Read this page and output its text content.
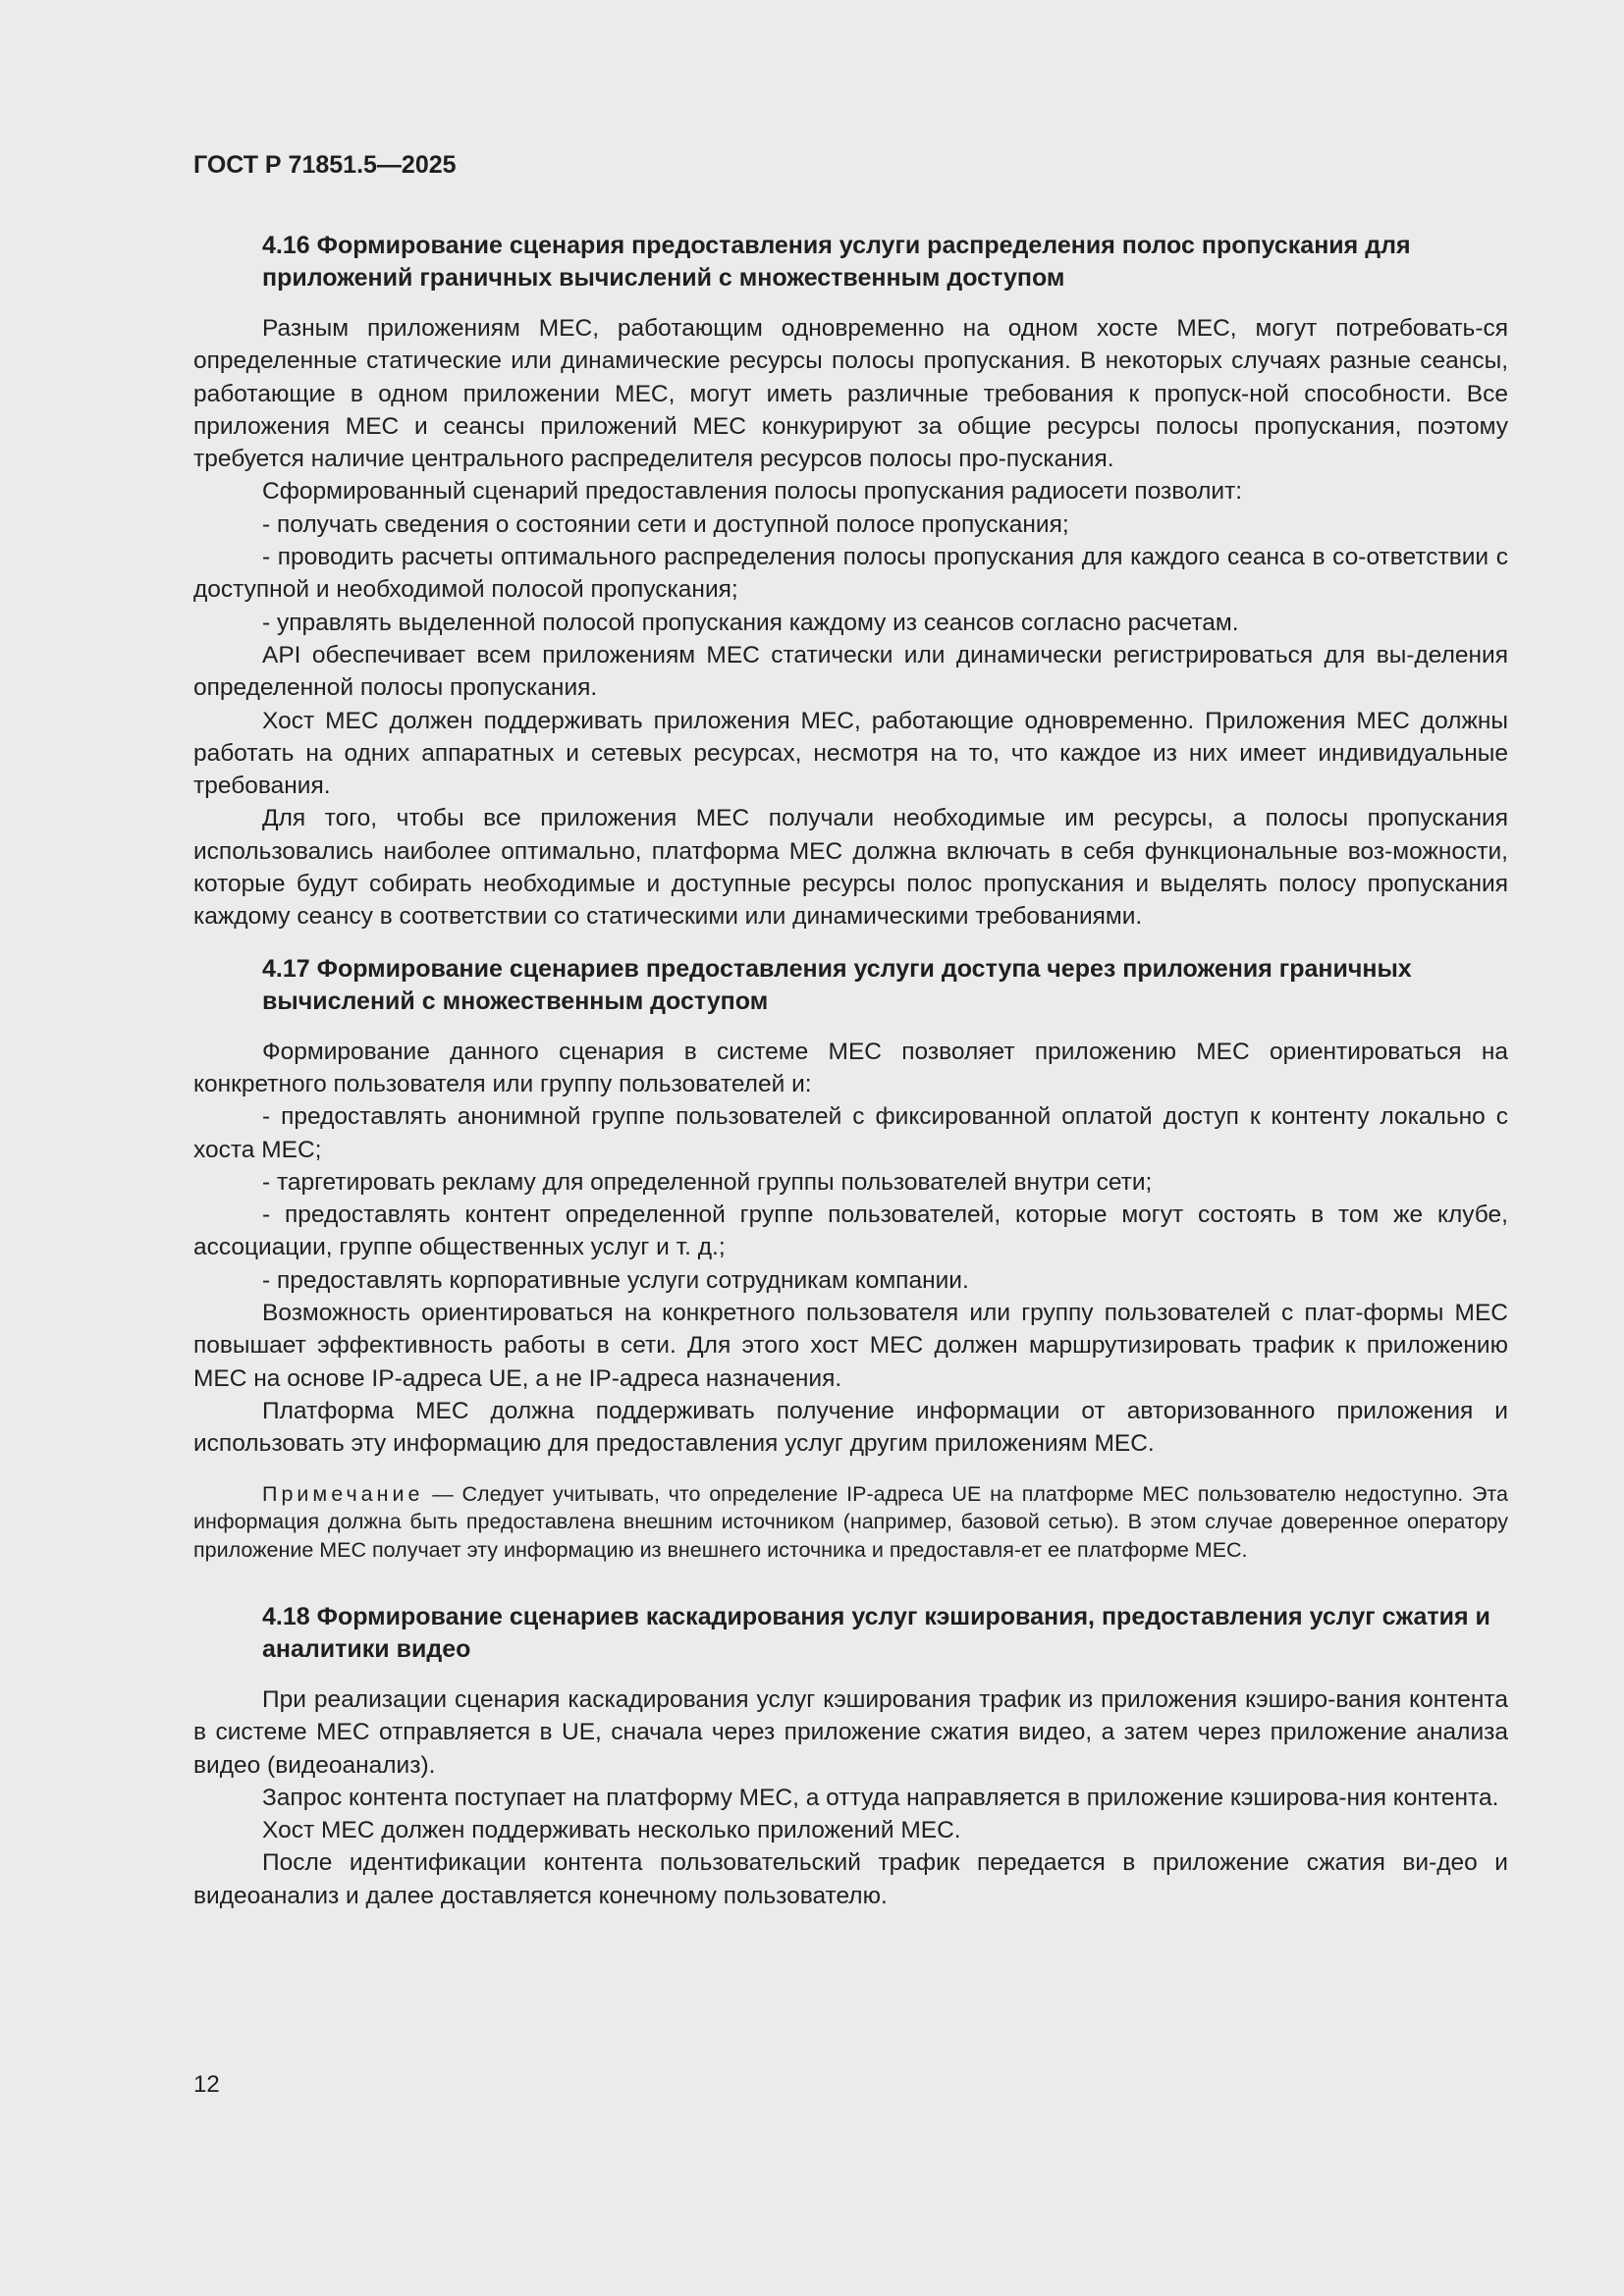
ГОСТ Р 71851.5—2025
4.16 Формирование сценария предоставления услуги распределения полос пропускания для приложений граничных вычислений с множественным доступом

Разным приложениям МЕС, работающим одновременно на одном хосте МЕС, могут потребовать-ся определенные статические или динамические ресурсы полосы пропускания. В некоторых случаях разные сеансы, работающие в одном приложении МЕС, могут иметь различные требования к пропуск-ной способности. Все приложения МЕС и сеансы приложений МЕС конкурируют за общие ресурсы полосы пропускания, поэтому требуется наличие центрального распределителя ресурсов полосы про-пускания.

Сформированный сценарий предоставления полосы пропускания радиосети позволит:

- получать сведения о состоянии сети и доступной полосе пропускания;

- проводить расчеты оптимального распределения полосы пропускания для каждого сеанса в со-ответствии с доступной и необходимой полосой пропускания;

- управлять выделенной полосой пропускания каждому из сеансов согласно расчетам.

API обеспечивает всем приложениям МЕС статически или динамически регистрироваться для вы-деления определенной полосы пропускания.

Хост МЕС должен поддерживать приложения МЕС, работающие одновременно. Приложения МЕС должны работать на одних аппаратных и сетевых ресурсах, несмотря на то, что каждое из них имеет индивидуальные требования.

Для того, чтобы все приложения МЕС получали необходимые им ресурсы, а полосы пропускания использовались наиболее оптимально, платформа МЕС должна включать в себя функциональные воз-можности, которые будут собирать необходимые и доступные ресурсы полос пропускания и выделять полосу пропускания каждому сеансу в соответствии со статическими или динамическими требованиями.

4.17 Формирование сценариев предоставления услуги доступа через приложения граничных вычислений с множественным доступом

Формирование данного сценария в системе МЕС позволяет приложению МЕС ориентироваться на конкретного пользователя или группу пользователей и:

- предоставлять анонимной группе пользователей с фиксированной оплатой доступ к контенту локально с хоста МЕС;

- таргетировать рекламу для определенной группы пользователей внутри сети;

- предоставлять контент определенной группе пользователей, которые могут состоять в том же клубе, ассоциации, группе общественных услуг и т. д.;

- предоставлять корпоративные услуги сотрудникам компании.

Возможность ориентироваться на конкретного пользователя или группу пользователей с плат-формы МЕС повышает эффективность работы в сети. Для этого хост МЕС должен маршрутизировать трафик к приложению МЕС на основе IP-адреса UE, а не IP-адреса назначения.

Платформа МЕС должна поддерживать получение информации от авторизованного приложения и использовать эту информацию для предоставления услуг другим приложениям МЕС.

Примечание — Следует учитывать, что определение IP-адреса UE на платформе МЕС пользователю недоступно. Эта информация должна быть предоставлена внешним источником (например, базовой сетью). В этом случае доверенное оператору приложение МЕС получает эту информацию из внешнего источника и предоставля-ет ее платформе МЕС.

4.18 Формирование сценариев каскадирования услуг кэширования, предоставления услуг сжатия и аналитики видео

При реализации сценария каскадирования услуг кэширования трафик из приложения кэширо-вания контента в системе МЕС отправляется в UE, сначала через приложение сжатия видео, а затем через приложение анализа видео (видеоанализ).

Запрос контента поступает на платформу МЕС, а оттуда направляется в приложение кэширова-ния контента.

Хост МЕС должен поддерживать несколько приложений МЕС.

После идентификации контента пользовательский трафик передается в приложение сжатия ви-део и видеоанализ и далее доставляется конечному пользователю.

12
